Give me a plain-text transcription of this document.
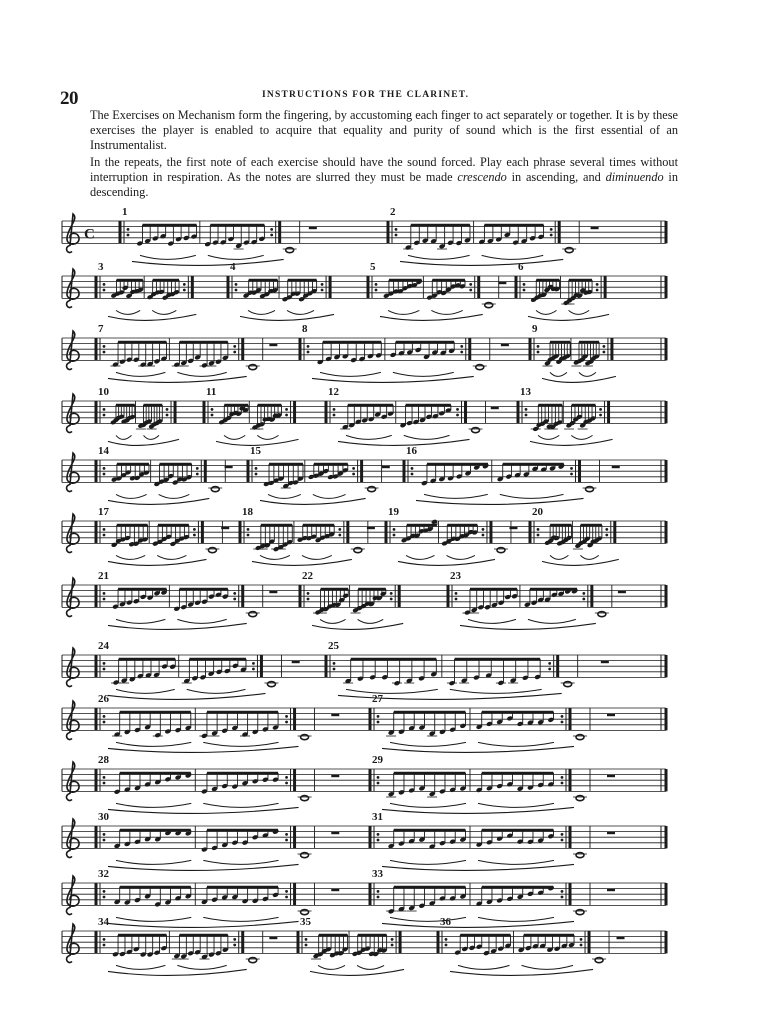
20	INSTRUCTIONS FOR THE CLARINET.

The Exercises on Mechanism form the fingering, by accustoming each finger to act separately or together. It is by these exercises the player is enabled to acquire that equality and purity of sound which is the first essential of an Instrumentalist.

In the repeats, the first note of each exercise should have the sound forced. Play each phrase several times without interruption in respiration. As the notes are slurred they must be made crescendo in ascending, and diminuendo in descending.

C
1	2
3	4	5	6
7	8	9
10	11	12	13
14	15	16
17	18	19	20
21	22	23
24	25
26	27
28	29
30	31
32	33
34	35	36
